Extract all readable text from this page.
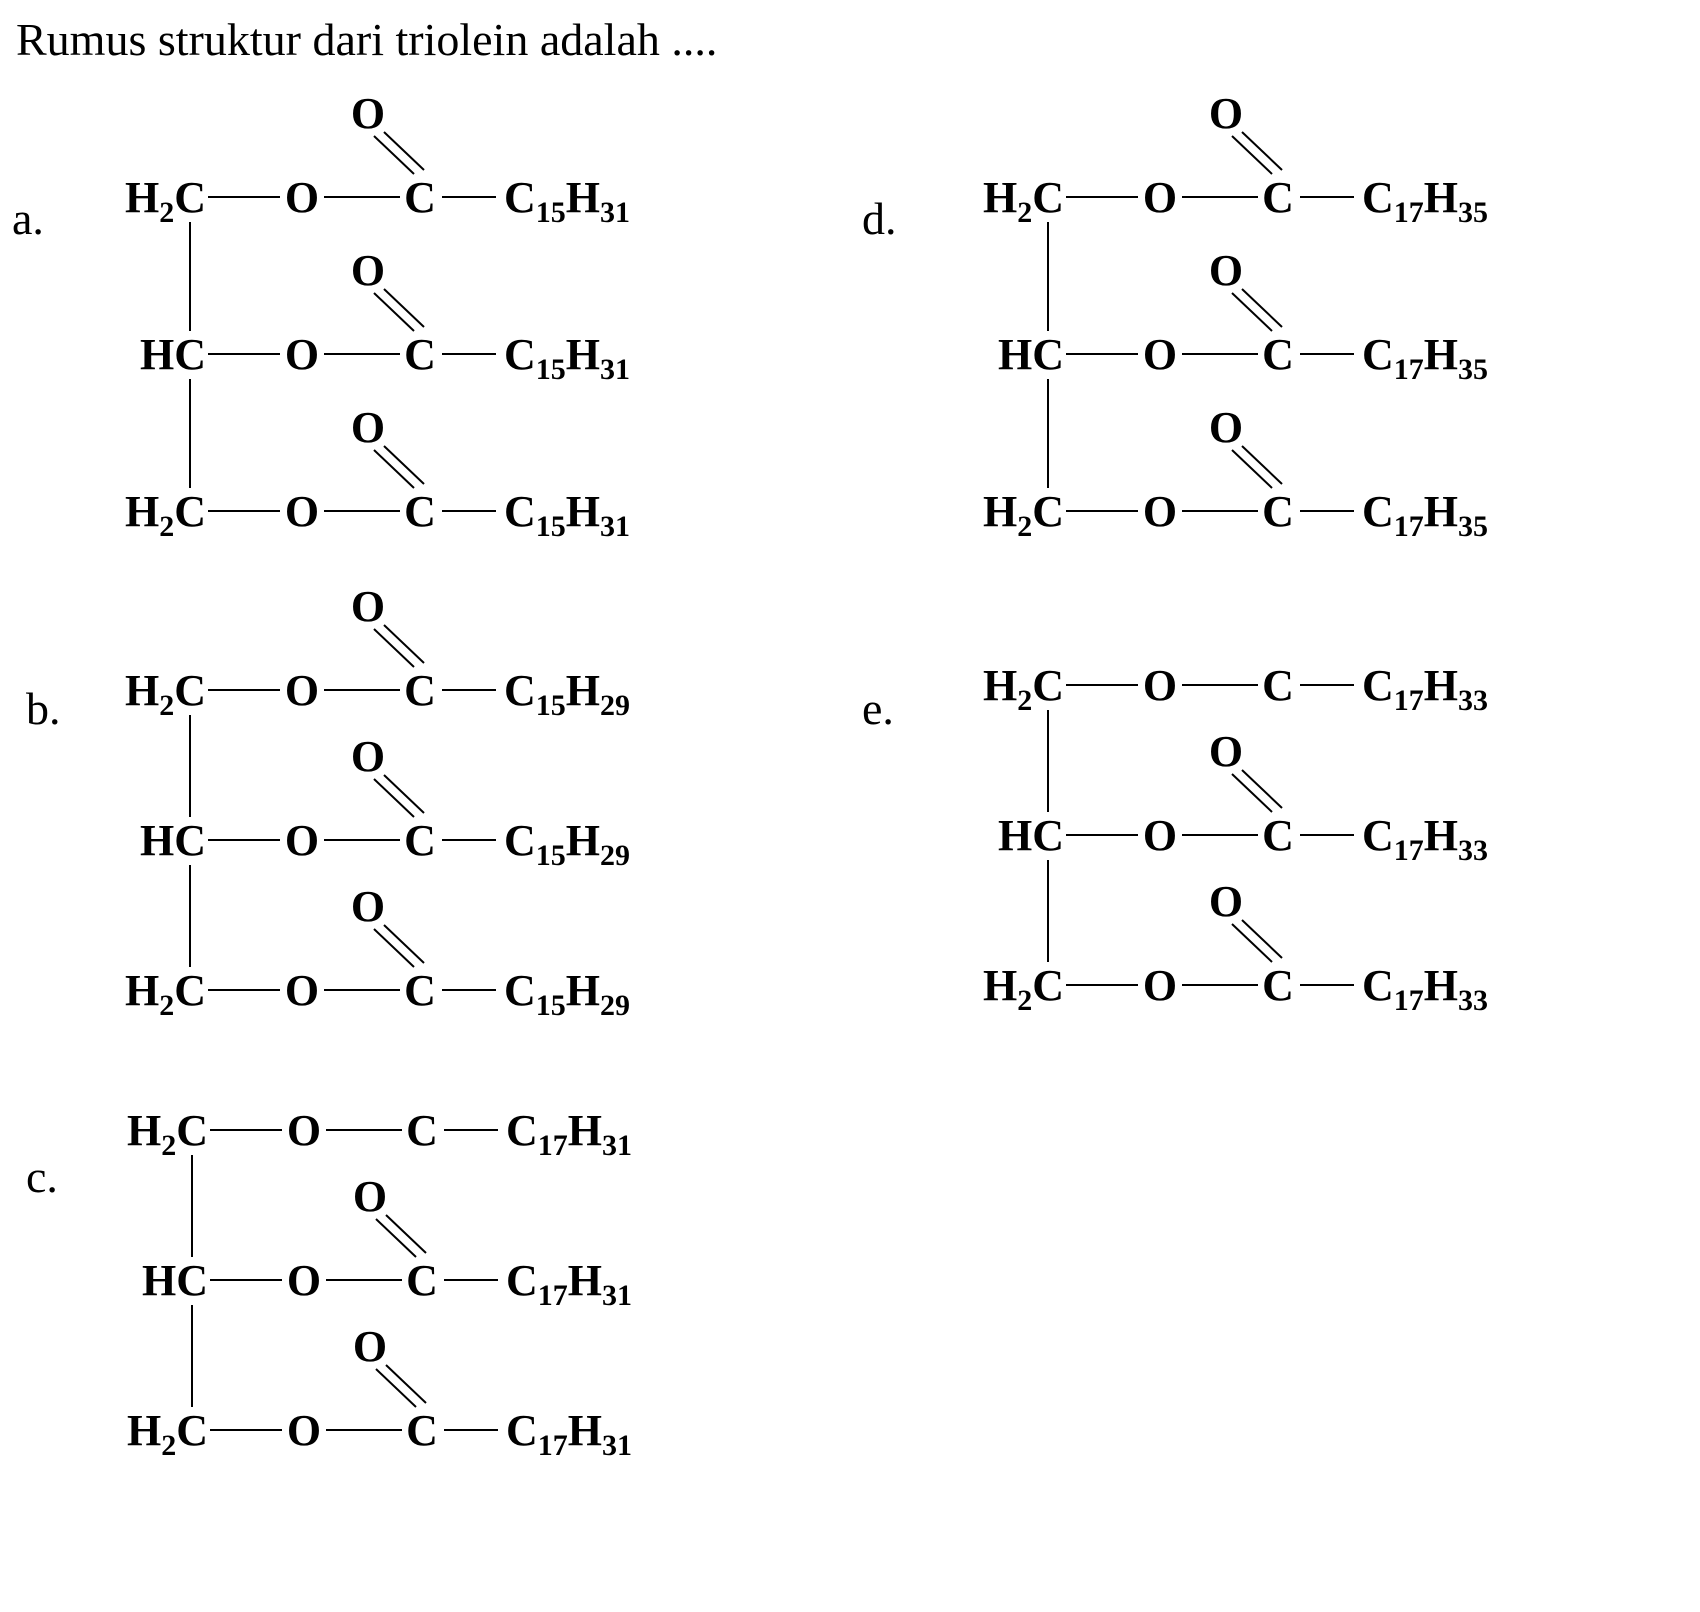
Rumus struktur dari triolein adalah ....
a.
b.
c.
d.
e.
$H_2C$ O C $C_{15}H_{31}$
O
HC O C $C_{15}H_{31}$
O
$H_2C$ O C $C_{15}H_{31}$
O
$H_2C$ O C $C_{15}H_{29}$
O
HC O C $C_{15}H_{29}$
O
$H_2C$ O C $C_{15}H_{29}$
O
$H_2C$ O C $C_{17}H_{31}$
HC O C $C_{17}H_{31}$
O
$H_2C$ O C $C_{17}H_{31}$
O
$H_2C$ O C $C_{17}H_{35}$
O
HC O C $C_{17}H_{35}$
O
$H_2C$ O C $C_{17}H_{35}$
O
$H_2C$ O C $C_{17}H_{33}$
HC O C $C_{17}H_{33}$
O
$H_2C$ O C $C_{17}H_{33}$
O
